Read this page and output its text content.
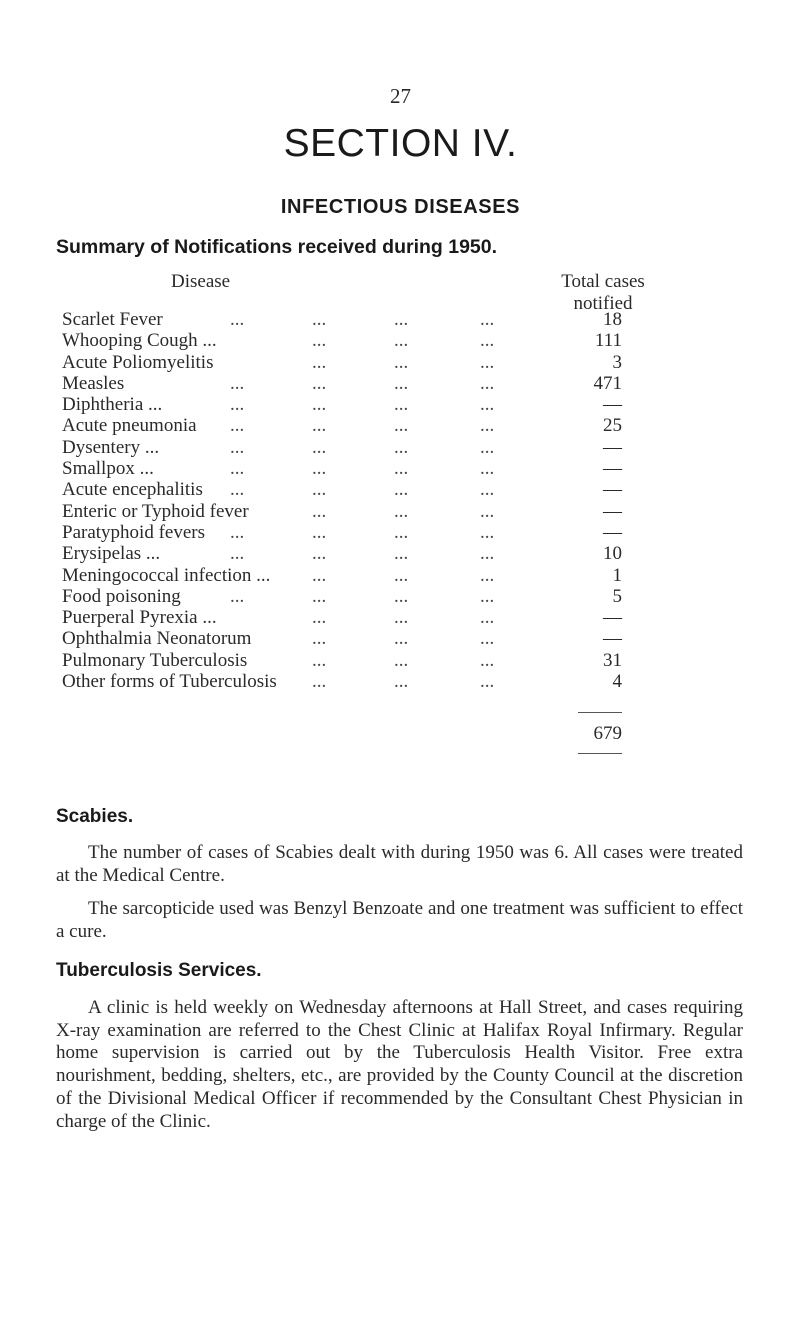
27
SECTION IV.
INFECTIOUS DISEASES
Summary of Notifications received during 1950.
Disease	Total cases
notified
Scarlet Fever	...	...	...	...	18
Whooping Cough ...	...	...	...	111
Acute Poliomyelitis	...	...	...	3
Measles	...	...	...	...	471
Diphtheria ...	...	...	...	...	—
Acute pneumonia ...	...	...	...	25
Dysentery ...	...	...	...	...	—
Smallpox ...	...	...	...	...	—
Acute encephalitis ...	...	...	...	—
Enteric or Typhoid fever	...	...	...	—
Paratyphoid fevers ...	...	...	...	—
Erysipelas ...	...	...	...	...	10
Meningococcal infection ... ...	...	...	1
Food poisoning	...	...	...	...	5
Puerperal Pyrexia ...	...	...	...	—
Ophthalmia Neonatorum	...	...	...	—
Pulmonary Tuberculosis	...	...	...	31
Other forms of Tuberculosis ...	...	...	4
679
Scabies.
The number of cases of Scabies dealt with during 1950 was 6. All cases were treated at the Medical Centre.
The sarcopticide used was Benzyl Benzoate and one treatment was sufficient to effect a cure.
Tuberculosis Services.
A clinic is held weekly on Wednesday afternoons at Hall Street, and cases requiring X-ray examination are referred to the Chest Clinic at Halifax Royal Infirmary. Regular home supervision is carried out by the Tuberculosis Health Visitor. Free extra nourishment, bedding, shelters, etc., are provided by the County Council at the discretion of the Divisional Medical Officer if recommended by the Consultant Chest Physician in charge of the Clinic.
